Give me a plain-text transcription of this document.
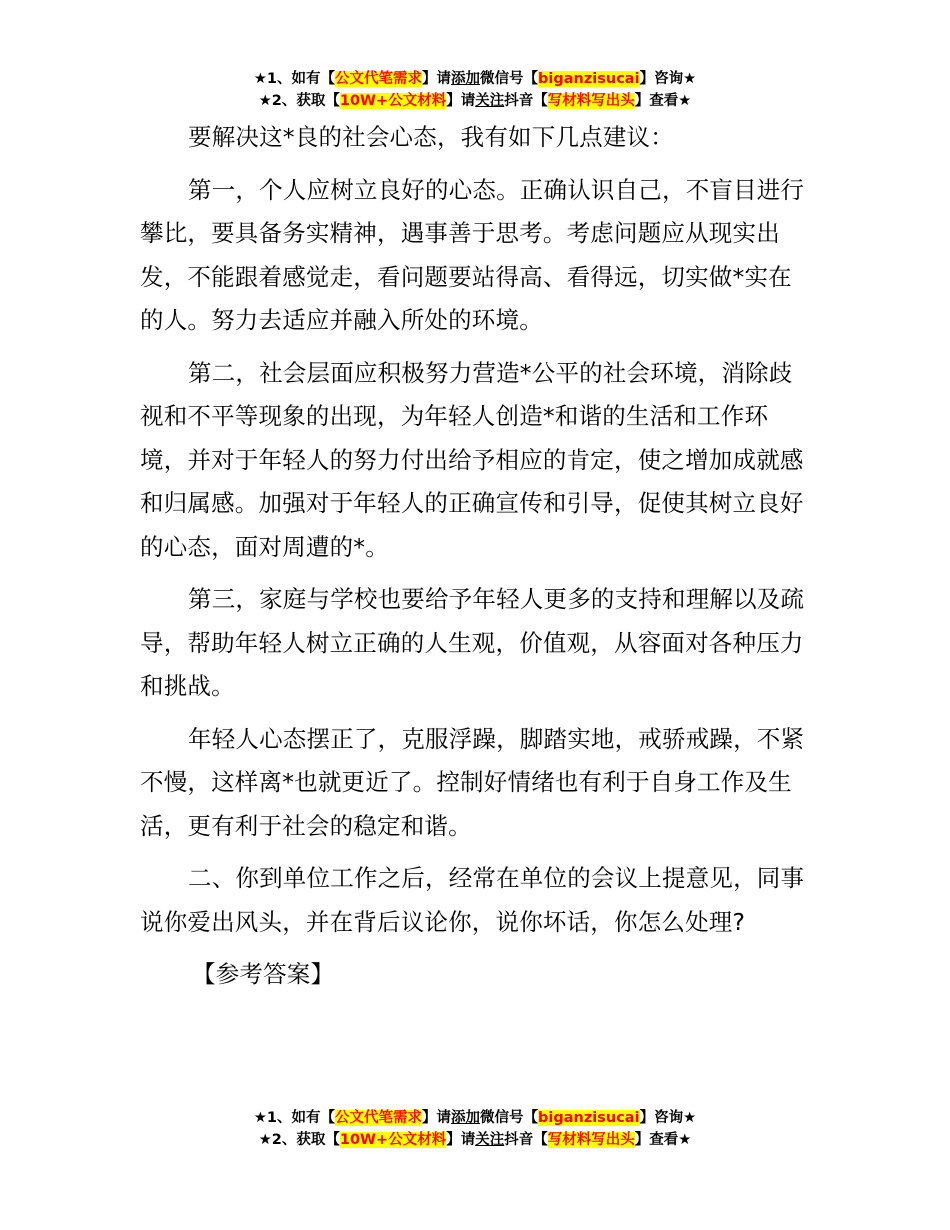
★1、如有【公文代笔需求】请添加微信号【biganzisucai】咨询★
★2、获取【10W+公文材料】请关注抖音【写材料写出头】查看★

要解决这*良的社会心态，我有如下几点建议：

第一，个人应树立良好的心态。正确认识自己，不盲目进行攀比，要具备务实精神，遇事善于思考。考虑问题应从现实出发，不能跟着感觉走，看问题要站得高、看得远，切实做*实在的人。努力去适应并融入所处的环境。

第二，社会层面应积极努力营造*公平的社会环境，消除歧视和不平等现象的出现，为年轻人创造*和谐的生活和工作环境，并对于年轻人的努力付出给予相应的肯定，使之增加成就感和归属感。加强对于年轻人的正确宣传和引导，促使其树立良好的心态，面对周遭的*。

第三，家庭与学校也要给予年轻人更多的支持和理解以及疏导，帮助年轻人树立正确的人生观，价值观，从容面对各种压力和挑战。

年轻人心态摆正了，克服浮躁，脚踏实地，戒骄戒躁，不紧不慢，这样离*也就更近了。控制好情绪也有利于自身工作及生活，更有利于社会的稳定和谐。

二、你到单位工作之后，经常在单位的会议上提意见，同事说你爱出风头，并在背后议论你，说你坏话，你怎么处理?

【参考答案】

★1、如有【公文代笔需求】请添加微信号【biganzisucai】咨询★
★2、获取【10W+公文材料】请关注抖音【写材料写出头】查看★
